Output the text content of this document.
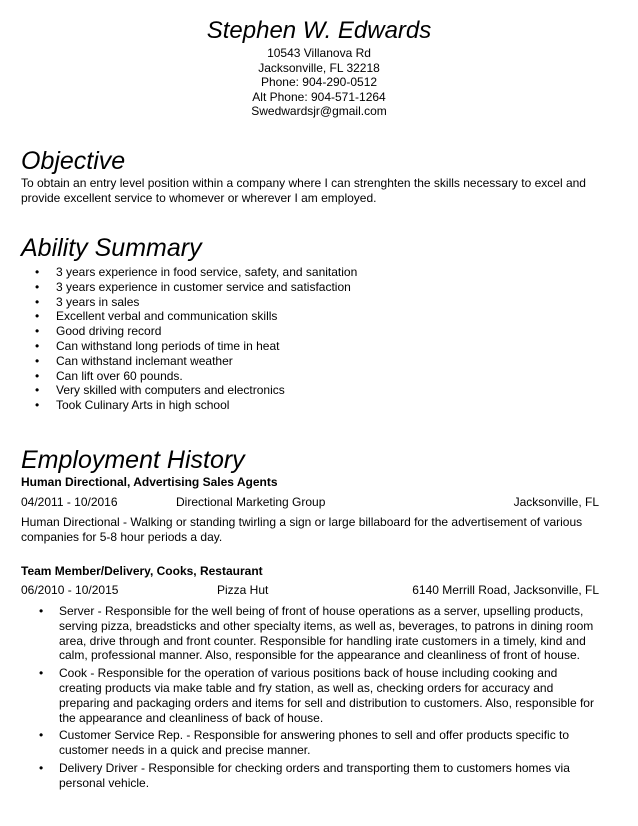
Stephen W. Edwards
10543 Villanova Rd
Jacksonville, FL 32218
Phone: 904-290-0512
Alt Phone: 904-571-1264
Swedwardsjr@gmail.com
Objective
To obtain an entry level position within a company where I can strenghten the skills necessary to excel and provide excellent service to whomever or wherever I am employed.
Ability Summary
• 3 years experience in food service, safety, and sanitation
• 3 years experience in customer service and satisfaction
• 3 years in sales
• Excellent verbal and communication skills
• Good driving record
• Can withstand long periods of time in heat
• Can withstand inclemant weather
• Can lift over 60 pounds.
• Very skilled with computers and electronics
• Took Culinary Arts in high school
Employment History
Human Directional, Advertising Sales Agents
04/2011 - 10/2016	Directional Marketing Group	Jacksonville, FL
Human Directional - Walking or standing twirling a sign or large billaboard for the advertisement of various companies for 5-8 hour periods a day.
Team Member/Delivery, Cooks, Restaurant
06/2010 - 10/2015	Pizza Hut	6140 Merrill Road, Jacksonville, FL
• Server - Responsible for the well being of front of house operations as a server, upselling products, serving pizza, breadsticks and other specialty items, as well as, beverages, to patrons in dining room area, drive through and front counter. Responsible for handling irate customers in a timely, kind and calm, professional manner. Also, responsible for the appearance and cleanliness of front of house.
• Cook - Responsible for the operation of various positions back of house including cooking and creating products via make table and fry station, as well as, checking orders for accuracy and preparing and packaging orders and items for sell and distribution to customers. Also, responsible for the appearance and cleanliness of back of house.
• Customer Service Rep. - Responsible for answering phones to sell and offer products specific to customer needs in a quick and precise manner.
• Delivery Driver - Responsible for checking orders and transporting them to customers homes via personal vehicle.
